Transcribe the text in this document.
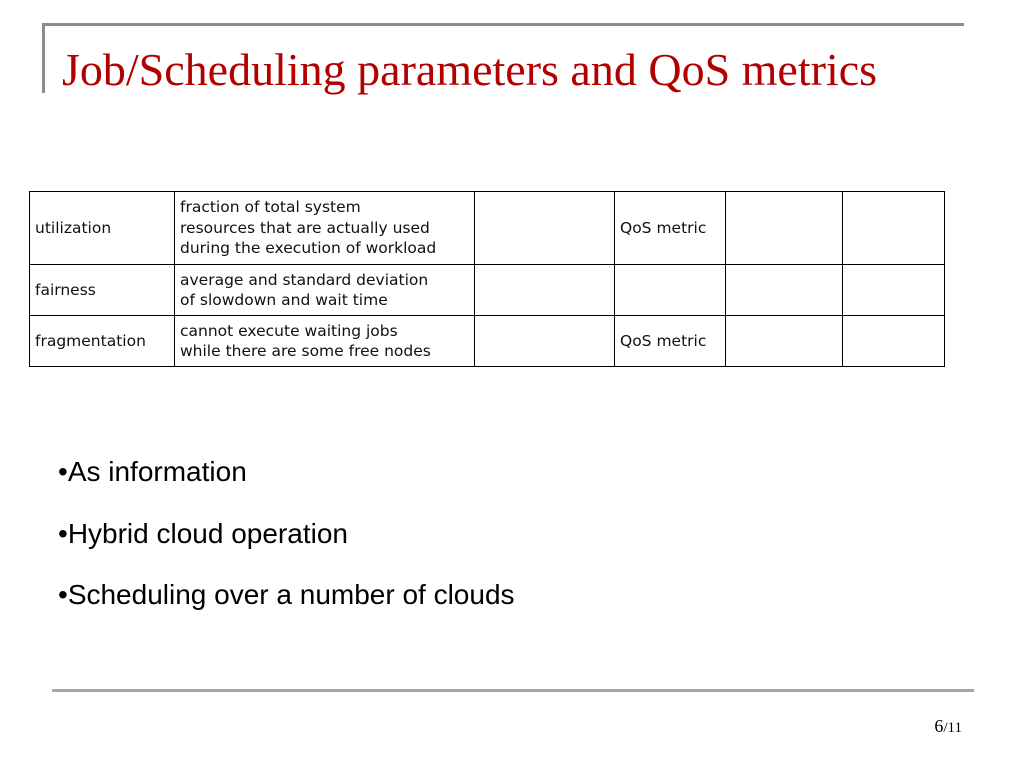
Job/Scheduling parameters and QoS metrics
utilization	fraction of total system
resources that are actually used
during the execution of workload		QoS metric		
fairness	average and standard deviation
of slowdown and wait time				

fragmentation	cannot execute waiting jobs
while there are some free nodes		QoS metric		
•As information
•Hybrid cloud operation
•Scheduling over a number of clouds
6/11
